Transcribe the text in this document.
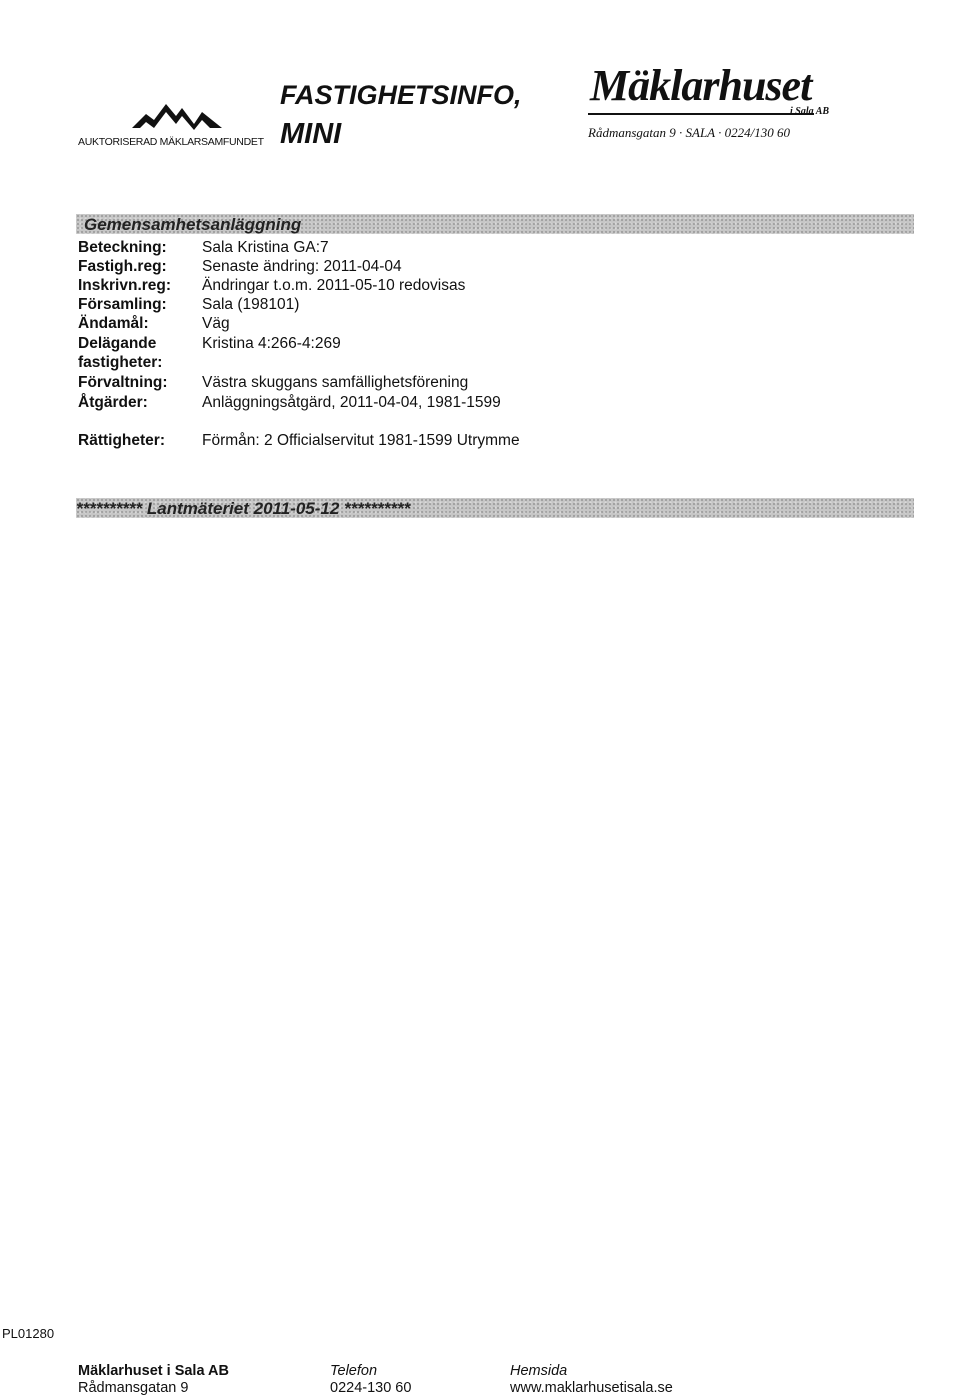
AUKTORISERAD MÄKLARSAMFUNDET
FASTIGHETSINFO,
MINI
Mäklarhuset
i Sala AB
Rådmansgatan 9 · SALA · 0224/130 60
Gemensamhetsanläggning
Beteckning: Sala Kristina GA:7
Fastigh.reg: Senaste ändring: 2011-04-04
Inskrivn.reg: Ändringar t.o.m. 2011-05-10 redovisas
Församling: Sala (198101)
Ändamål:	Väg
Delägande	Kristina 4:266-4:269
fastigheter:
Förvaltning: Västra skuggans samfällighetsförening
Åtgärder:	Anläggningsåtgärd, 2011-04-04, 1981-1599
Rättigheter: Förmån: 2 Officialservitut 1981-1599 Utrymme
********** Lantmäteriet 2011-05-12 **********
PL01280
Mäklarhuset i Sala AB
Rådmansgatan 9
Telefon
0224-130 60
Hemsida
www.maklarhusetisala.se
